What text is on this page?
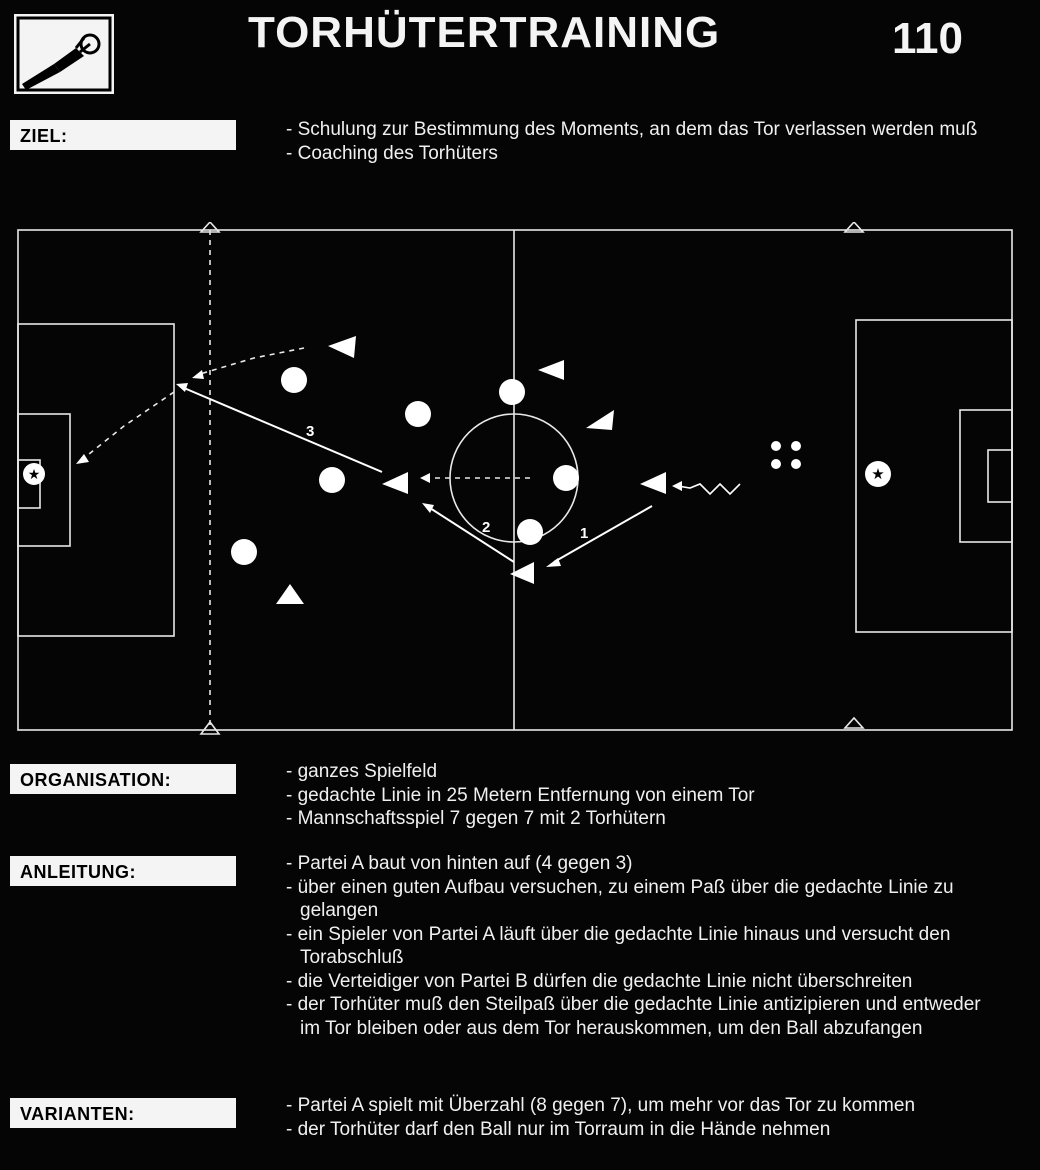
TORHÜTERTRAINING	110
ZIEL:	- Schulung zur Bestimmung des Moments, an dem das Tor verlassen werden muß
- Coaching des Torhüters
★	★
1
2
3
ORGANISATION:	- ganzes Spielfeld
- gedachte Linie in 25 Metern Entfernung von einem Tor
- Mannschaftsspiel 7 gegen 7 mit 2 Torhütern
ANLEITUNG:	- Partei A baut von hinten auf (4 gegen 3)
- über einen guten Aufbau versuchen, zu einem Paß über die gedachte Linie zu gelangen
- ein Spieler von Partei A läuft über die gedachte Linie hinaus und versucht den Torabschluß
- die Verteidiger von Partei B dürfen die gedachte Linie nicht überschreiten
- der Torhüter muß den Steilpaß über die gedachte Linie antizipieren und entweder im Tor bleiben oder aus dem Tor herauskommen, um den Ball abzufangen
VARIANTEN:	- Partei A spielt mit Überzahl (8 gegen 7), um mehr vor das Tor zu kommen
- der Torhüter darf den Ball nur im Torraum in die Hände nehmen
